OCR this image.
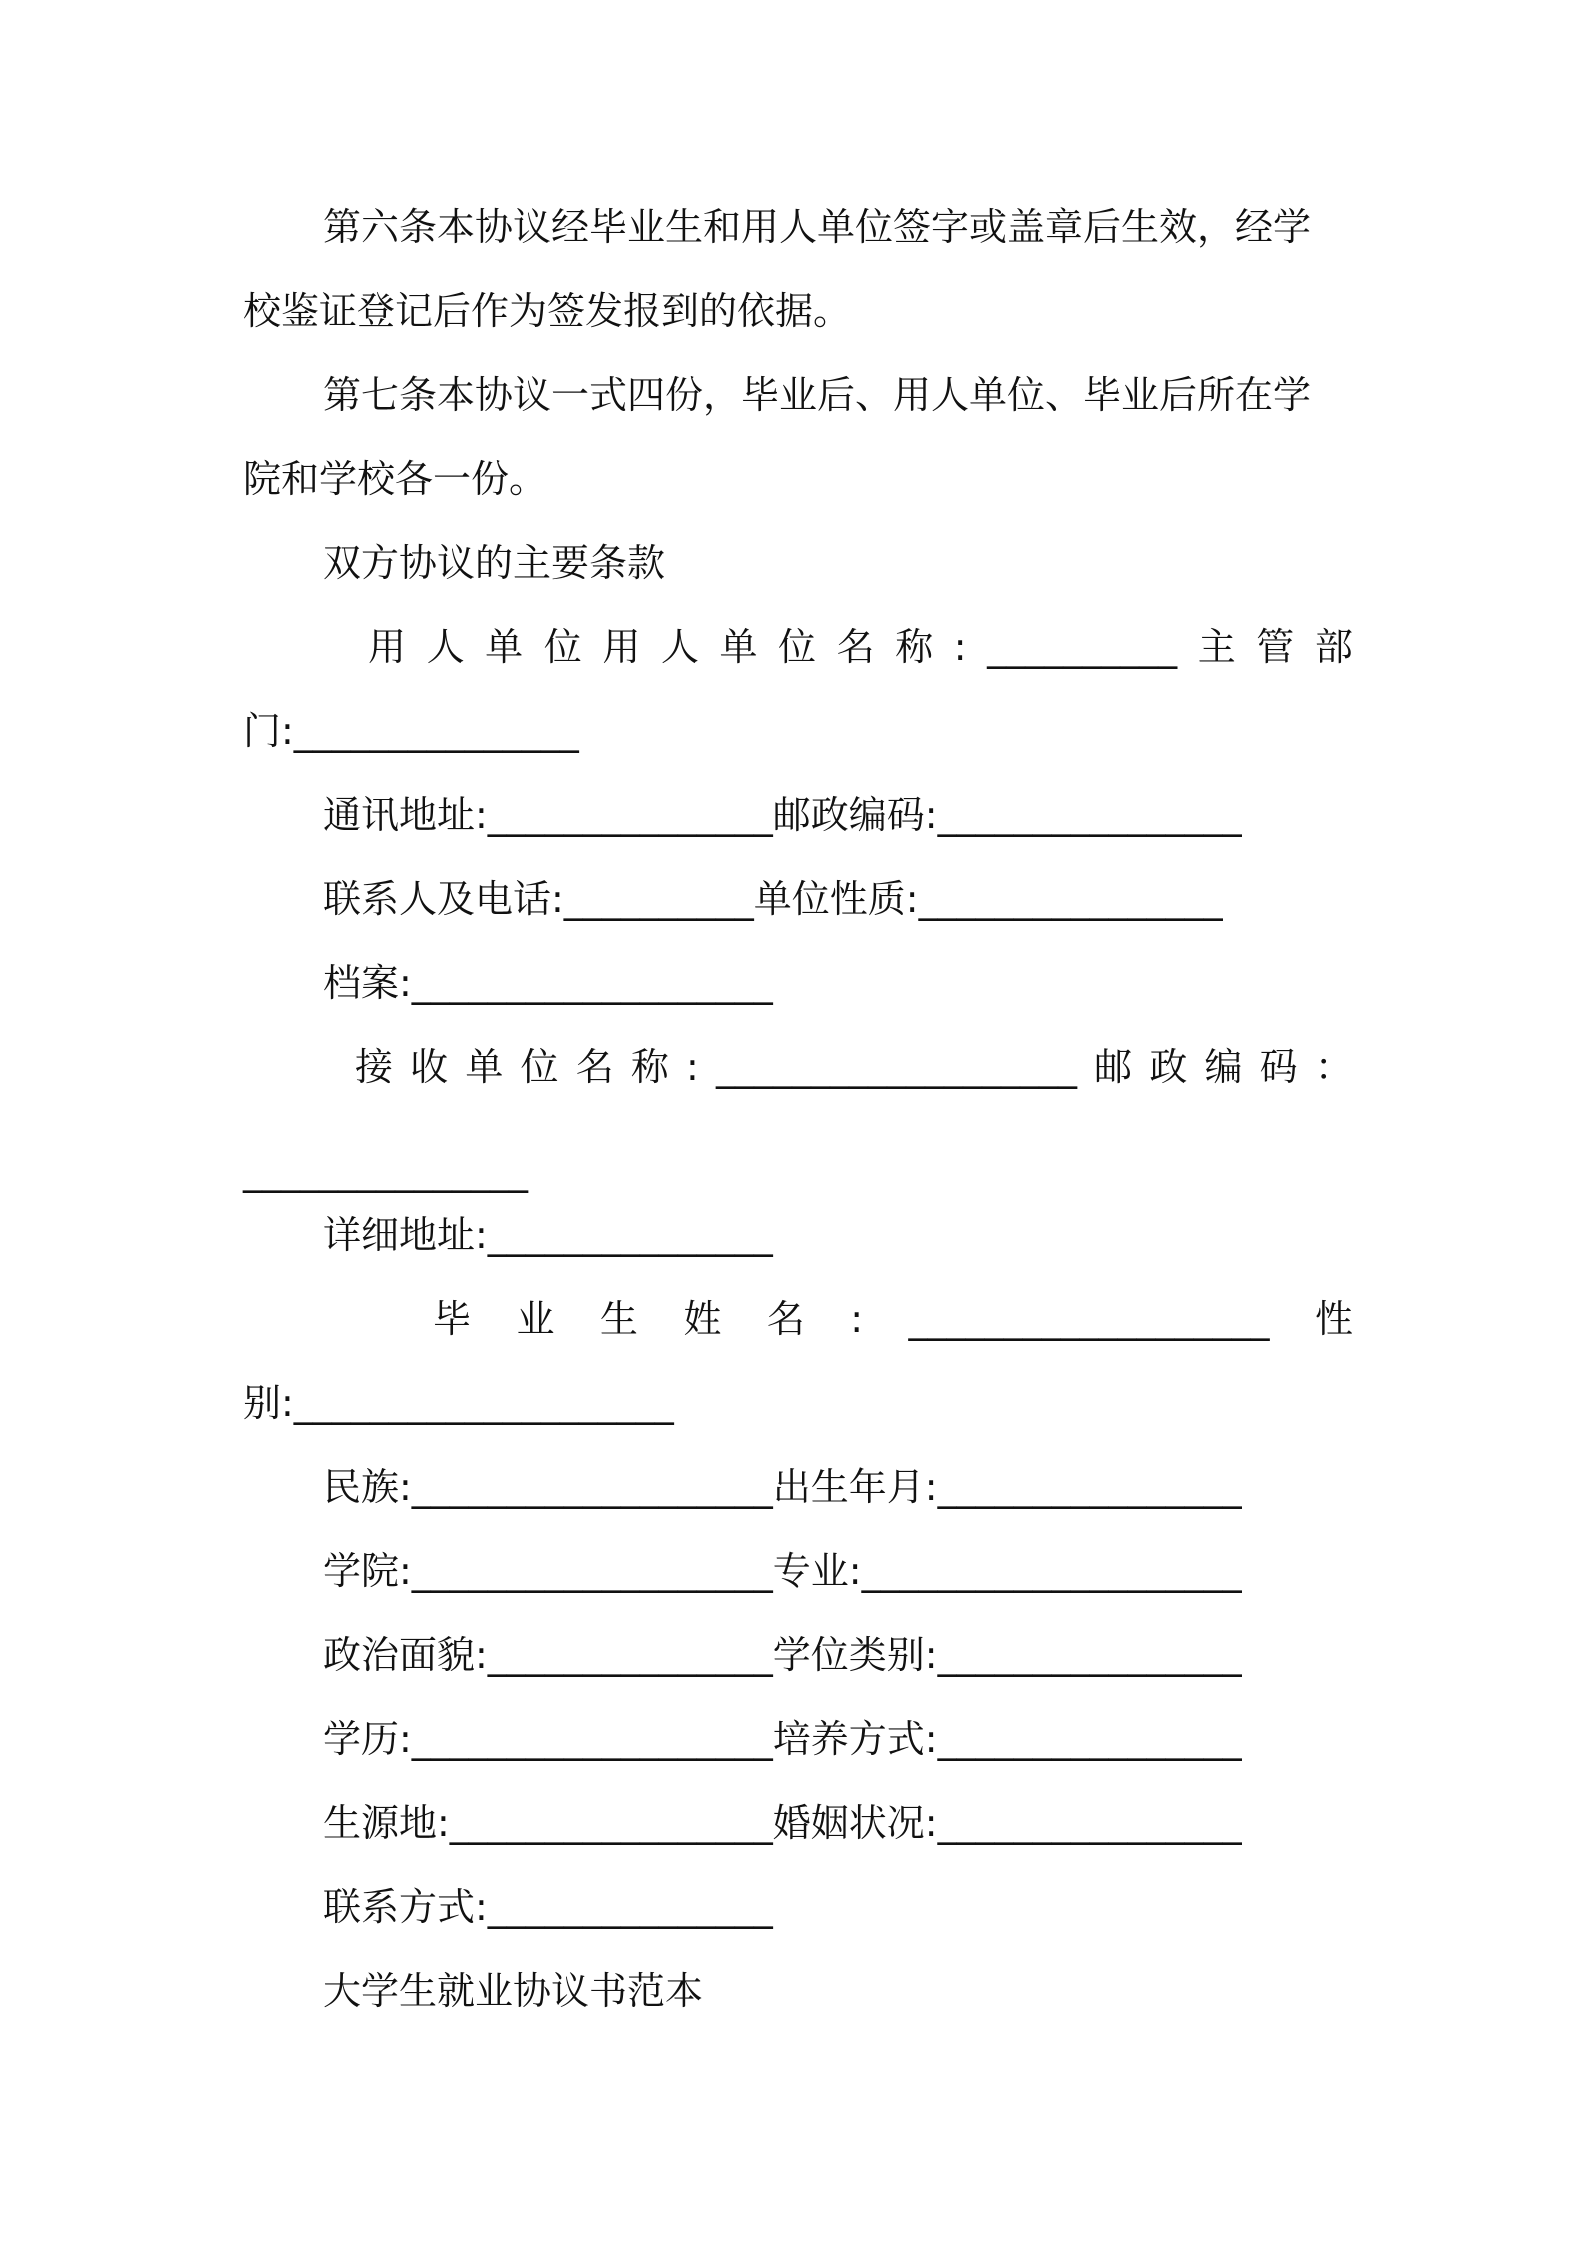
第六条本协议经毕业生和用人单位签字或盖章后生效，经学
校鉴证登记后作为签发报到的依据。
第七条本协议一式四份，毕业后、用人单位、毕业后所在学
院和学校各一份。
双方协议的主要条款
用 人 单 位 用 人 单 位 名 称 : __________ 主 管 部
门:_______________
通讯地址:_______________邮政编码:________________
联系人及电话:__________单位性质:________________
档案:___________________
接 收 单 位 名 称 : ___________________ 邮 政 编 码 ：
_______________
详细地址:_______________
毕 业 生 姓 名 : ___________________ 性
别:____________________
民族:___________________出生年月:________________
学院:___________________专业:____________________
政治面貌:_______________学位类别:________________
学历:___________________培养方式:________________
生源地:_________________婚姻状况:________________
联系方式:_______________
大学生就业协议书范本
